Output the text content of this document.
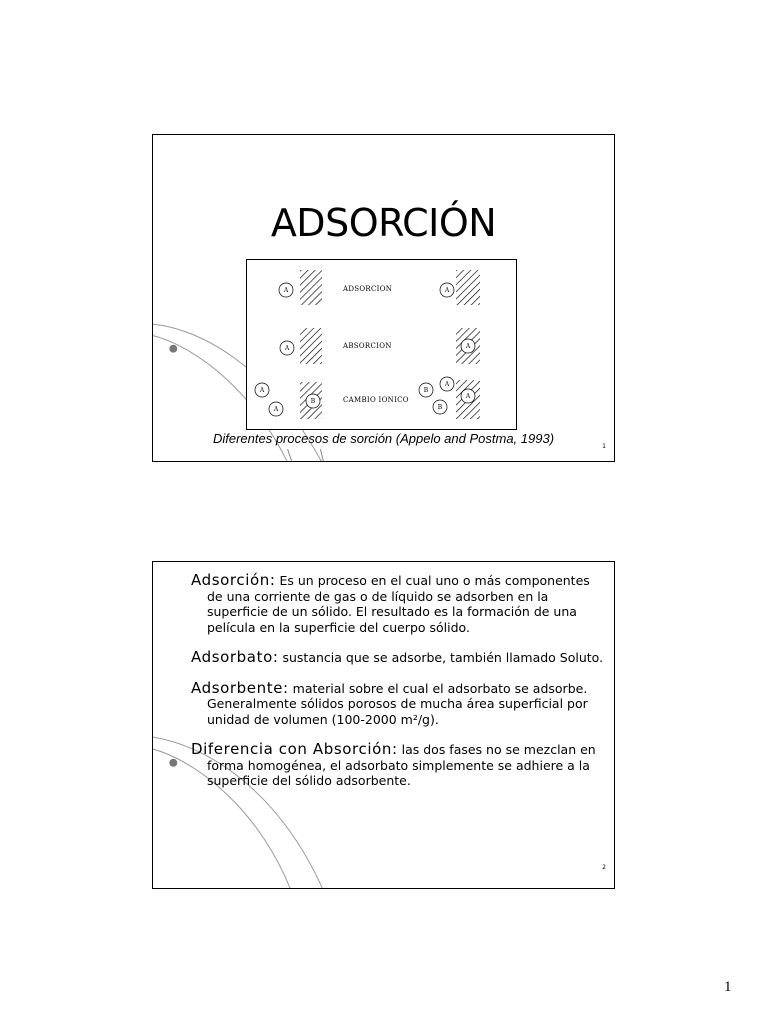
ADSORCIÓN
A	A
A	A
A
A
B
B
B
A
A
ADSORCION
ABSORCION
CAMBIO IONICO
Diferentes procesos de sorción (Appelo and Postma, 1993)
1

Adsorción: Es un proceso en el cual uno o más componentes de una corriente de gas o de líquido se adsorben en la superficie de un sólido. El resultado es la formación de una película en la superficie del cuerpo sólido.

Adsorbato: sustancia que se adsorbe, también llamado Soluto.

Adsorbente: material sobre el cual el adsorbato se adsorbe. Generalmente sólidos porosos de mucha área superficial por unidad de volumen (100-2000 m²/g).

Diferencia con Absorción: las dos fases no se mezclan en forma homogénea, el adsorbato simplemente se adhiere a la superficie del sólido adsorbente.

2
1
